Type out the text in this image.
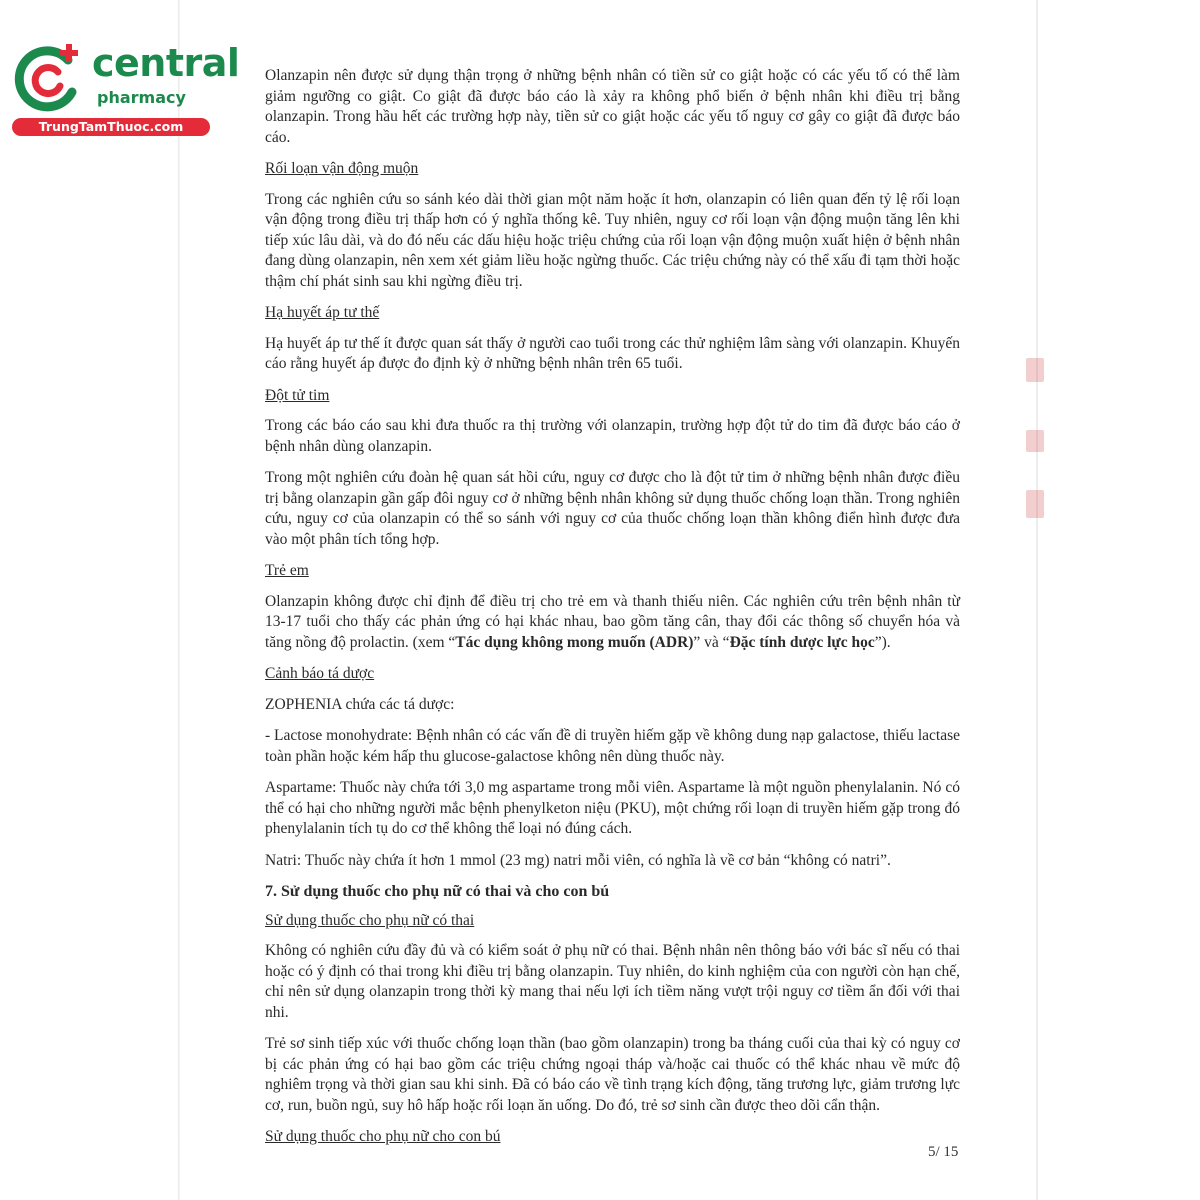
central
pharmacy
TrungTamThuoc.com

Olanzapin nên được sử dụng thận trọng ở những bệnh nhân có tiền sử co giật hoặc có các yếu tố có thể làm giảm ngưỡng co giật. Co giật đã được báo cáo là xảy ra không phổ biến ở bệnh nhân khi điều trị bằng olanzapin. Trong hầu hết các trường hợp này, tiền sử co giật hoặc các yếu tố nguy cơ gây co giật đã được báo cáo.

Rối loạn vận động muộn

Trong các nghiên cứu so sánh kéo dài thời gian một năm hoặc ít hơn, olanzapin có liên quan đến tỷ lệ rối loạn vận động trong điều trị thấp hơn có ý nghĩa thống kê. Tuy nhiên, nguy cơ rối loạn vận động muộn tăng lên khi tiếp xúc lâu dài, và do đó nếu các dấu hiệu hoặc triệu chứng của rối loạn vận động muộn xuất hiện ở bệnh nhân đang dùng olanzapin, nên xem xét giảm liều hoặc ngừng thuốc. Các triệu chứng này có thể xấu đi tạm thời hoặc thậm chí phát sinh sau khi ngừng điều trị.

Hạ huyết áp tư thế

Hạ huyết áp tư thế ít được quan sát thấy ở người cao tuổi trong các thử nghiệm lâm sàng với olanzapin. Khuyến cáo rằng huyết áp được đo định kỳ ở những bệnh nhân trên 65 tuổi.

Đột tử tim

Trong các báo cáo sau khi đưa thuốc ra thị trường với olanzapin, trường hợp đột tử do tim đã được báo cáo ở bệnh nhân dùng olanzapin.

Trong một nghiên cứu đoàn hệ quan sát hồi cứu, nguy cơ được cho là đột tử tim ở những bệnh nhân được điều trị bằng olanzapin gần gấp đôi nguy cơ ở những bệnh nhân không sử dụng thuốc chống loạn thần. Trong nghiên cứu, nguy cơ của olanzapin có thể so sánh với nguy cơ của thuốc chống loạn thần không điển hình được đưa vào một phân tích tổng hợp.

Trẻ em

Olanzapin không được chỉ định để điều trị cho trẻ em và thanh thiếu niên. Các nghiên cứu trên bệnh nhân từ 13-17 tuổi cho thấy các phản ứng có hại khác nhau, bao gồm tăng cân, thay đổi các thông số chuyển hóa và tăng nồng độ prolactin. (xem “Tác dụng không mong muốn (ADR)” và “Đặc tính dược lực học”).

Cảnh báo tá dược

ZOPHENIA chứa các tá dược:

- Lactose monohydrate: Bệnh nhân có các vấn đề di truyền hiếm gặp về không dung nạp galactose, thiếu lactase toàn phần hoặc kém hấp thu glucose-galactose không nên dùng thuốc này.

Aspartame: Thuốc này chứa tới 3,0 mg aspartame trong mỗi viên. Aspartame là một nguồn phenylalanin. Nó có thể có hại cho những người mắc bệnh phenylketon niệu (PKU), một chứng rối loạn di truyền hiếm gặp trong đó phenylalanin tích tụ do cơ thể không thể loại nó đúng cách.

Natri: Thuốc này chứa ít hơn 1 mmol (23 mg) natri mỗi viên, có nghĩa là về cơ bản “không có natri”.

7. Sử dụng thuốc cho phụ nữ có thai và cho con bú

Sử dụng thuốc cho phụ nữ có thai

Không có nghiên cứu đầy đủ và có kiểm soát ở phụ nữ có thai. Bệnh nhân nên thông báo với bác sĩ nếu có thai hoặc có ý định có thai trong khi điều trị bằng olanzapin. Tuy nhiên, do kinh nghiệm của con người còn hạn chế, chỉ nên sử dụng olanzapin trong thời kỳ mang thai nếu lợi ích tiềm năng vượt trội nguy cơ tiềm ẩn đối với thai nhi.

Trẻ sơ sinh tiếp xúc với thuốc chống loạn thần (bao gồm olanzapin) trong ba tháng cuối của thai kỳ có nguy cơ bị các phản ứng có hại bao gồm các triệu chứng ngoại tháp và/hoặc cai thuốc có thể khác nhau về mức độ nghiêm trọng và thời gian sau khi sinh. Đã có báo cáo về tình trạng kích động, tăng trương lực, giảm trương lực cơ, run, buồn ngủ, suy hô hấp hoặc rối loạn ăn uống. Do đó, trẻ sơ sinh cần được theo dõi cẩn thận.

Sử dụng thuốc cho phụ nữ cho con bú

5/ 15
